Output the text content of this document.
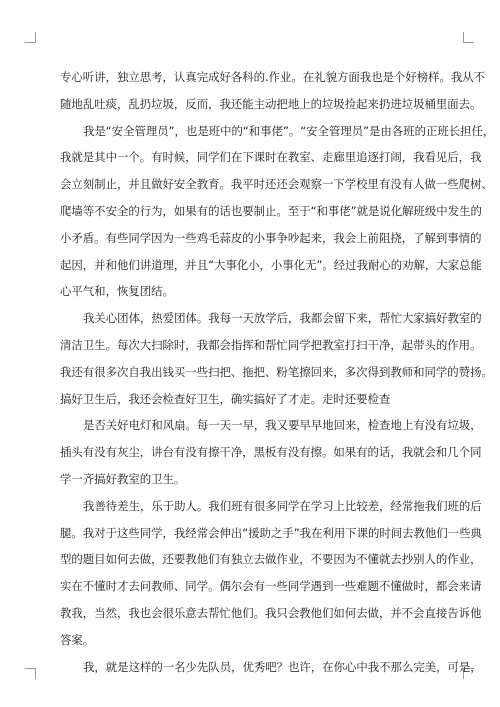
专心听讲，独立思考，认真完成好各科的.作业。在礼貌方面我也是个好榜样。我从不
随地乱吐痰，乱扔垃圾，反而，我还能主动把地上的垃圾捡起来扔进垃圾桶里面去。
我是“安全管理员”，也是班中的“和事佬”。“安全管理员”是由各班的正班长担任，
我就是其中一个。有时候，同学们在下课时在教室、走廊里追逐打闹，我看见后，我
会立刻制止，并且做好安全教育。我平时还还会观察一下学校里有没有人做一些爬树、
爬墙等不安全的行为，如果有的话也要制止。至于“和事佬”就是说化解班级中发生的
小矛盾。有些同学因为一些鸡毛蒜皮的小事争吵起来，我会上前阻挠，了解到事情的
起因，并和他们讲道理，并且“大事化小，小事化无”。经过我耐心的劝解，大家总能
心平气和，恢复团结。
我关心团体，热爱团体。我每一天放学后，我都会留下来，帮忙大家搞好教室的
清洁卫生。每次大扫除时，我都会指挥和帮忙同学把教室打扫干净，起带头的作用。
我还有很多次自我出钱买一些扫把、拖把、粉笔擦回来，多次得到教师和同学的赞扬。
搞好卫生后，我还会检查好卫生，确实搞好了才走。走时还要检查
是否关好电灯和风扇。每一天一早，我又要早早地回来，检查地上有没有垃圾，
插头有没有灰尘，讲台有没有擦干净，黑板有没有擦。如果有的话，我就会和几个同
学一齐搞好教室的卫生。
我善待差生，乐于助人。我们班有很多同学在学习上比较差，经常拖我们班的后
腿。我对于这些同学，我经常会伸出“援助之手”我在利用下课的时间去教他们一些典
型的题目如何去做，还要教他们有独立去做作业，不要因为不懂就去抄别人的作业，
实在不懂时才去问教师、同学。偶尔会有一些同学遇到一些难题不懂做时，都会来请
教我，当然，我也会很乐意去帮忙他们。我只会教他们如何去做，并不会直接告诉他
答案。
我，就是这样的一名少先队员，优秀吧？也许，在你心中我不那么完美，可是，
